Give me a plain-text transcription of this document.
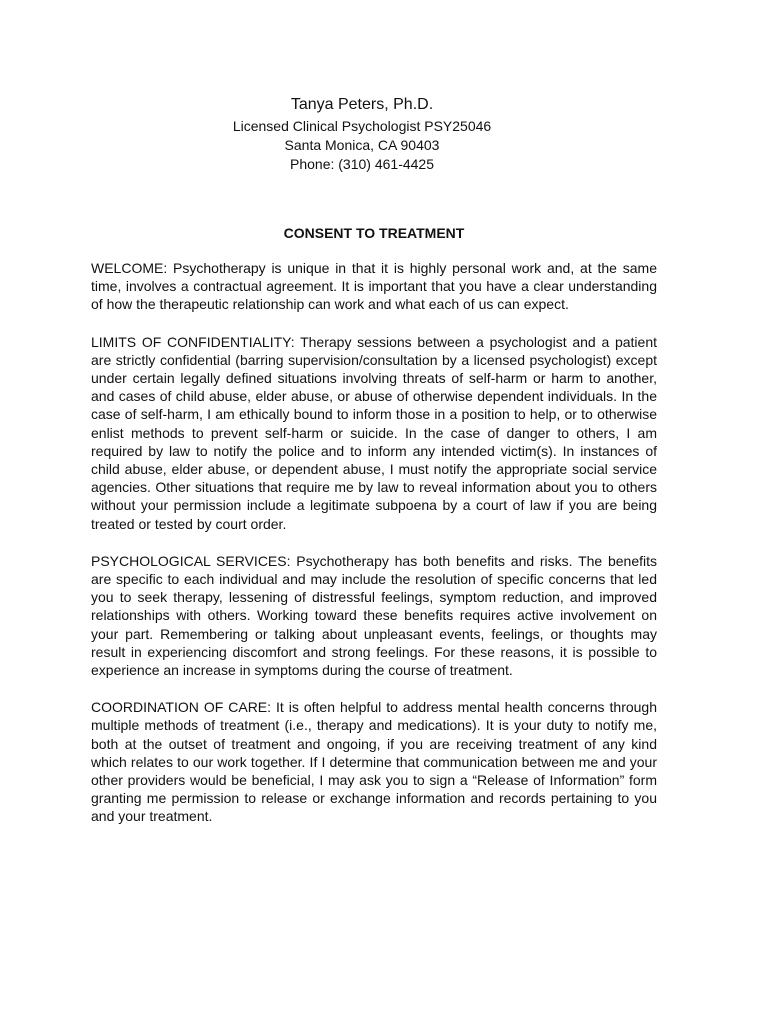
Tanya Peters, Ph.D.
Licensed Clinical Psychologist PSY25046
Santa Monica, CA 90403
Phone: (310) 461-4425
CONSENT TO TREATMENT

WELCOME: Psychotherapy is unique in that it is highly personal work and, at the same time, involves a contractual agreement. It is important that you have a clear understanding of how the therapeutic relationship can work and what each of us can expect.

LIMITS OF CONFIDENTIALITY: Therapy sessions between a psychologist and a patient are strictly confidential (barring supervision/consultation by a licensed psychologist) except under certain legally defined situations involving threats of self-harm or harm to another, and cases of child abuse, elder abuse, or abuse of otherwise dependent individuals. In the case of self-harm, I am ethically bound to inform those in a position to help, or to otherwise enlist methods to prevent self-harm or suicide. In the case of danger to others, I am required by law to notify the police and to inform any intended victim(s). In instances of child abuse, elder abuse, or dependent abuse, I must notify the appropriate social service agencies. Other situations that require me by law to reveal information about you to others without your permission include a legitimate subpoena by a court of law if you are being treated or tested by court order.

PSYCHOLOGICAL SERVICES: Psychotherapy has both benefits and risks. The benefits are specific to each individual and may include the resolution of specific concerns that led you to seek therapy, lessening of distressful feelings, symptom reduction, and improved relationships with others. Working toward these benefits requires active involvement on your part. Remembering or talking about unpleasant events, feelings, or thoughts may result in experiencing discomfort and strong feelings. For these reasons, it is possible to experience an increase in symptoms during the course of treatment.

COORDINATION OF CARE: It is often helpful to address mental health concerns through multiple methods of treatment (i.e., therapy and medications). It is your duty to notify me, both at the outset of treatment and ongoing, if you are receiving treatment of any kind which relates to our work together. If I determine that communication between me and your other providers would be beneficial, I may ask you to sign a “Release of Information” form granting me permission to release or exchange information and records pertaining to you and your treatment.
